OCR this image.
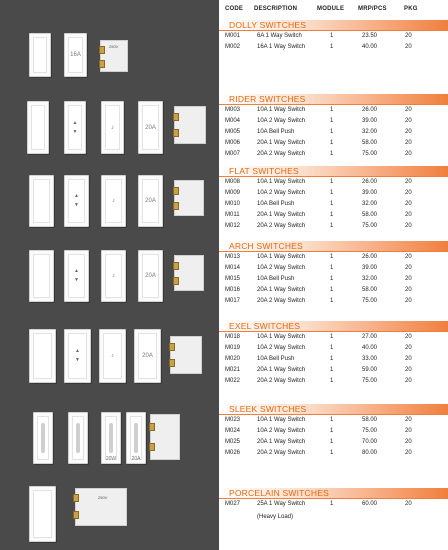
16A
250V
▲
▼
♪	20A
▲
▼
♪	20A
▲
▼
♪	20A
▲
▼
♪	20A
20W	20A
250V
CODE DESCRIPTION	MODULE MRP/PCS	PKG
DOLLY SWITCHES
M001	6A 1 Way Switch	1	23.50	20
M002	16A 1 Way Switch	1	40.00	20
RIDER SWITCHES
M003	10A 1 Way Switch	1	26.00	20
M004	10A 2 Way Switch	1	39.00	20
M005	10A Bell Push	1	32.00	20
M006	20A 1 Way Switch	1	58.00	20
M007	20A 2 Way Switch	1	75.00	20
FLAT SWITCHES
M008	10A 1 Way Switch	1	26.00	20
M009	10A 2 Way Switch	1	39.00	20
M010	10A Bell Push	1	32.00	20
M011	20A 1 Way Switch	1	58.00	20
M012	20A 2 Way Switch	1	75.00	20
ARCH SWITCHES
M013	10A 1 Way Switch	1	26.00	20
M014	10A 2 Way Switch	1	39.00	20
M015	10A Bell Push	1	32.00	20
M016	20A 1 Way Switch	1	58.00	20
M017	20A 2 Way Switch	1	75.00	20
EXEL SWITCHES
M018	10A 1 Way Switch	1	27.00	20
M019	10A 2 Way Switch	1	40.00	20
M020	10A Bell Push	1	33.00	20
M021	20A 1 Way Switch	1	59.00	20
M022	20A 2 Way Switch	1	75.00	20
SLEEK SWITCHES
M023	10A 1 Way Switch	1	58.00	20
M024	10A 2 Way Switch	1	75.00	20
M025	20A 1 Way Switch	1	70.00	20
M026	20A 2 Way Switch	1	80.00	20
PORCELAIN SWITCHES
M027	25A 1 Way Switch	1	60.00	20
(Heavy Load)
